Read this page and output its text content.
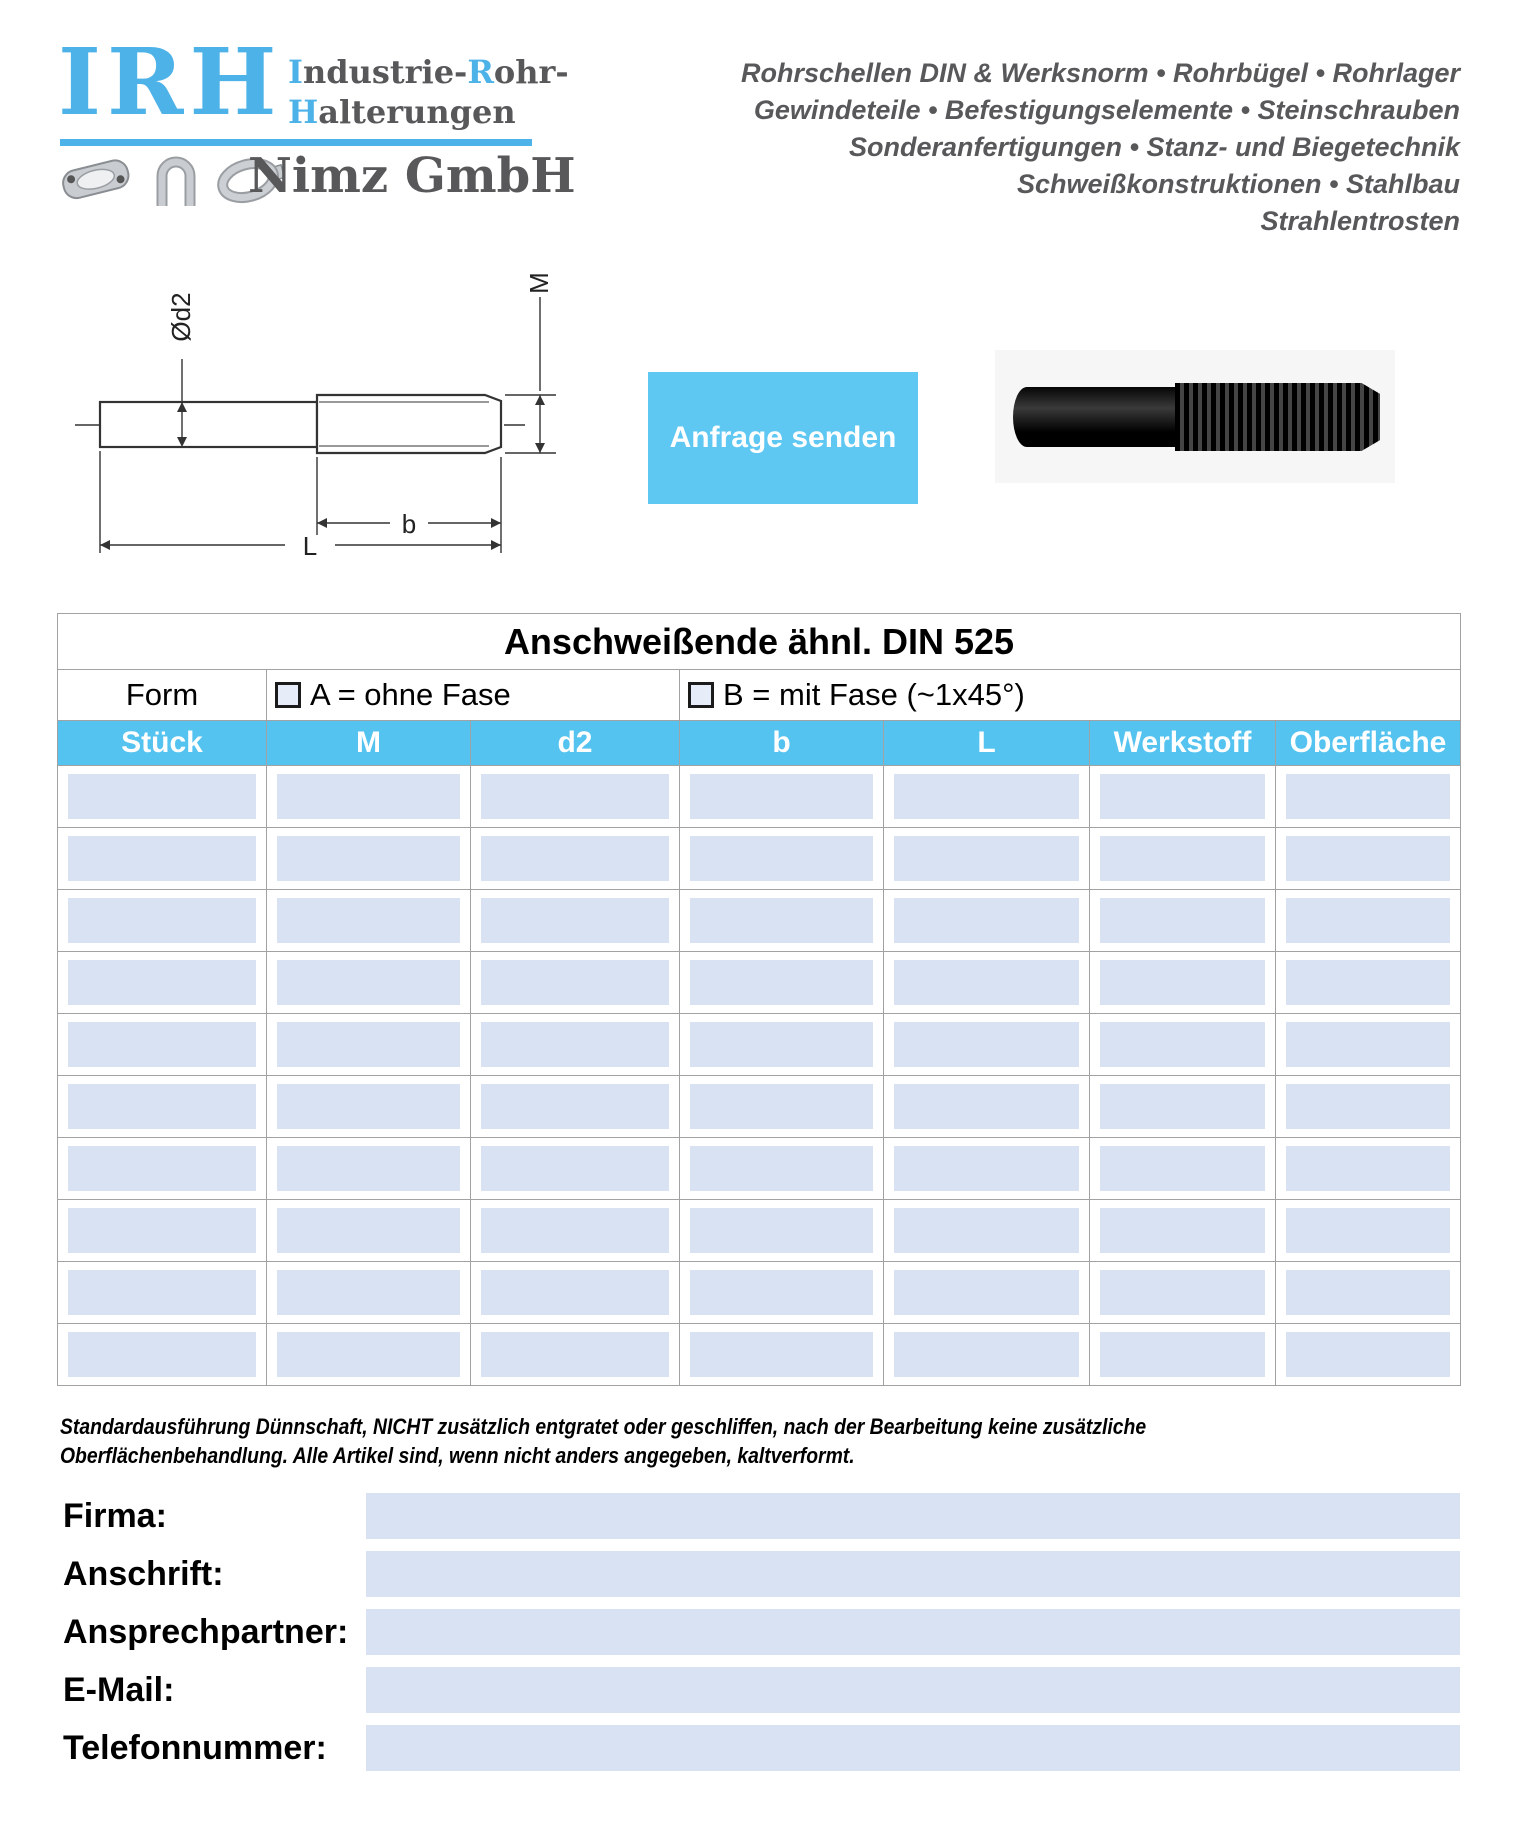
IRH Industrie-Rohr-
Halterungen
Nimz GmbH
Rohrschellen DIN & Werksnorm • Rohrbügel • Rohrlager
Gewindeteile • Befestigungselemente • Steinschrauben
Sonderanfertigungen • Stanz- und Biegetechnik
Schweißkonstruktionen • Stahlbau
Strahlentrosten
Ød2
M
b
L
Anfrage senden
Anschweißende ähnl. DIN 525						
Form	A = ohne Fase		B = mit Fase (~1x45°)			
Stück	M	d2	b	L	Werkstoff	Oberfläche

Standardausführung Dünnschaft, NICHT zusätzlich entgratet oder geschliffen, nach der Bearbeitung keine zusätzliche
Oberflächenbehandlung. Alle Artikel sind, wenn nicht anders angegeben, kaltverformt.
Firma:
Anschrift:
Ansprechpartner:
E-Mail:
Telefonnummer:
